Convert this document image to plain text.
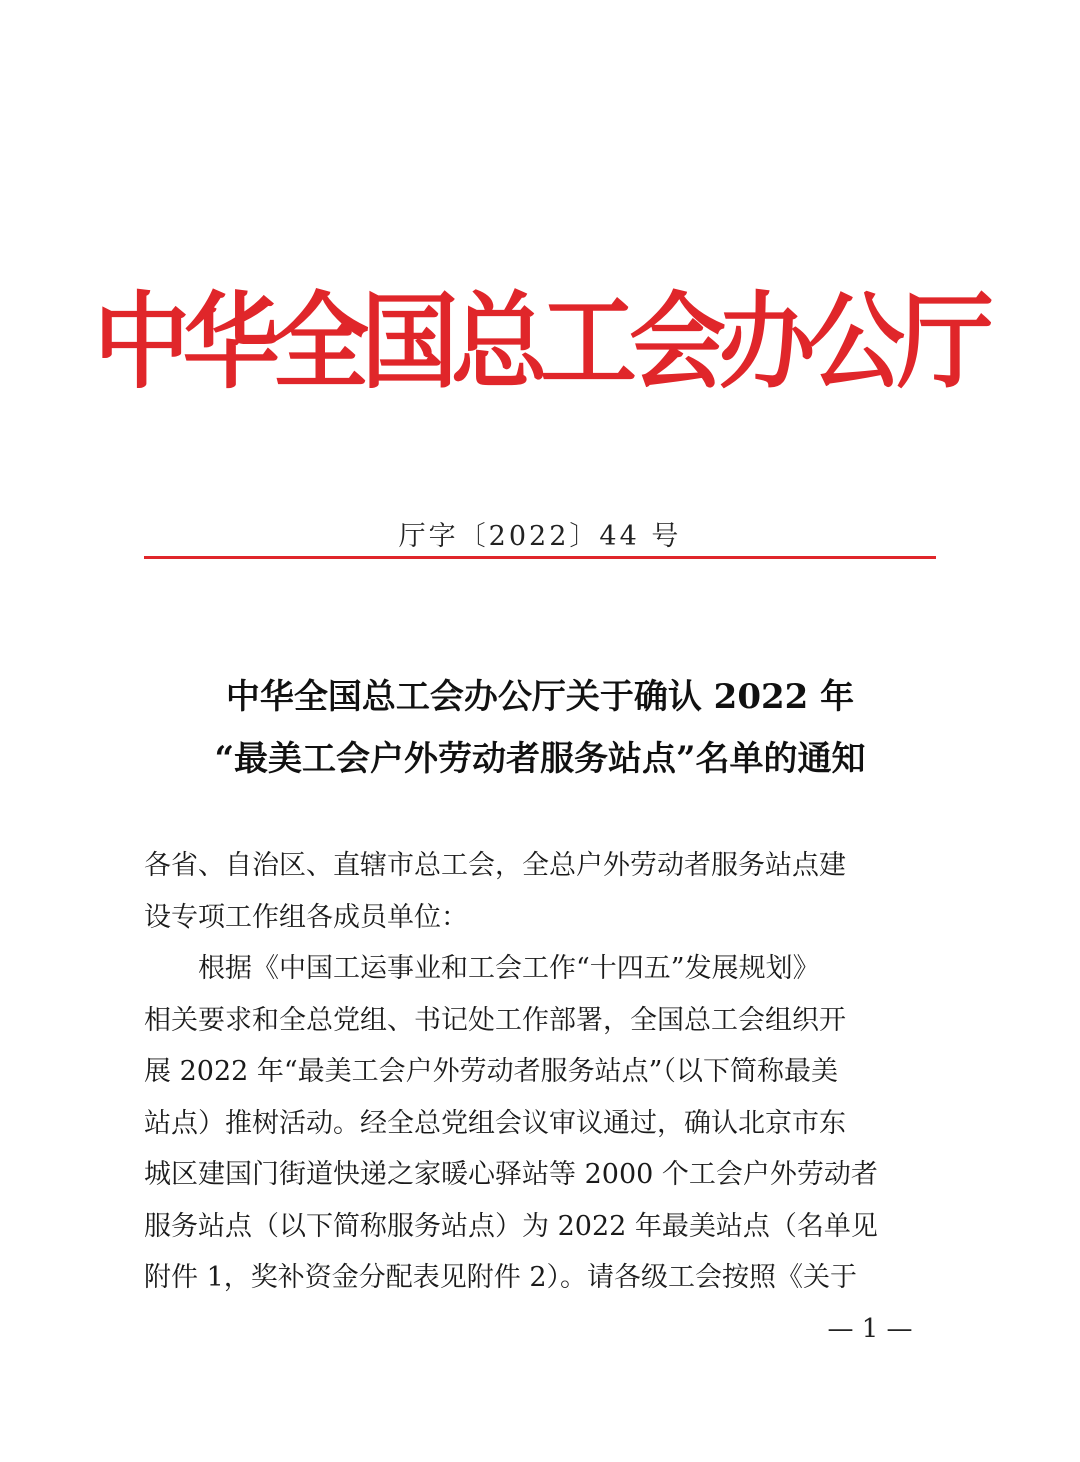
中华全国总工会办公厅
厅字〔2022〕44 号
中华全国总工会办公厅关于确认 2022 年
“最美工会户外劳动者服务站点”名单的通知
各省、自治区、直辖市总工会，全总户外劳动者服务站点建
设专项工作组各成员单位：
　　根据《中国工运事业和工会工作“十四五”发展规划》
相关要求和全总党组、书记处工作部署，全国总工会组织开
展 2022 年“最美工会户外劳动者服务站点”（以下简称最美
站点）推树活动。经全总党组会议审议通过，确认北京市东
城区建国门街道快递之家暖心驿站等 2000 个工会户外劳动者
服务站点（以下简称服务站点）为 2022 年最美站点（名单见
附件 1，奖补资金分配表见附件 2）。请各级工会按照《关于
— 1 —
